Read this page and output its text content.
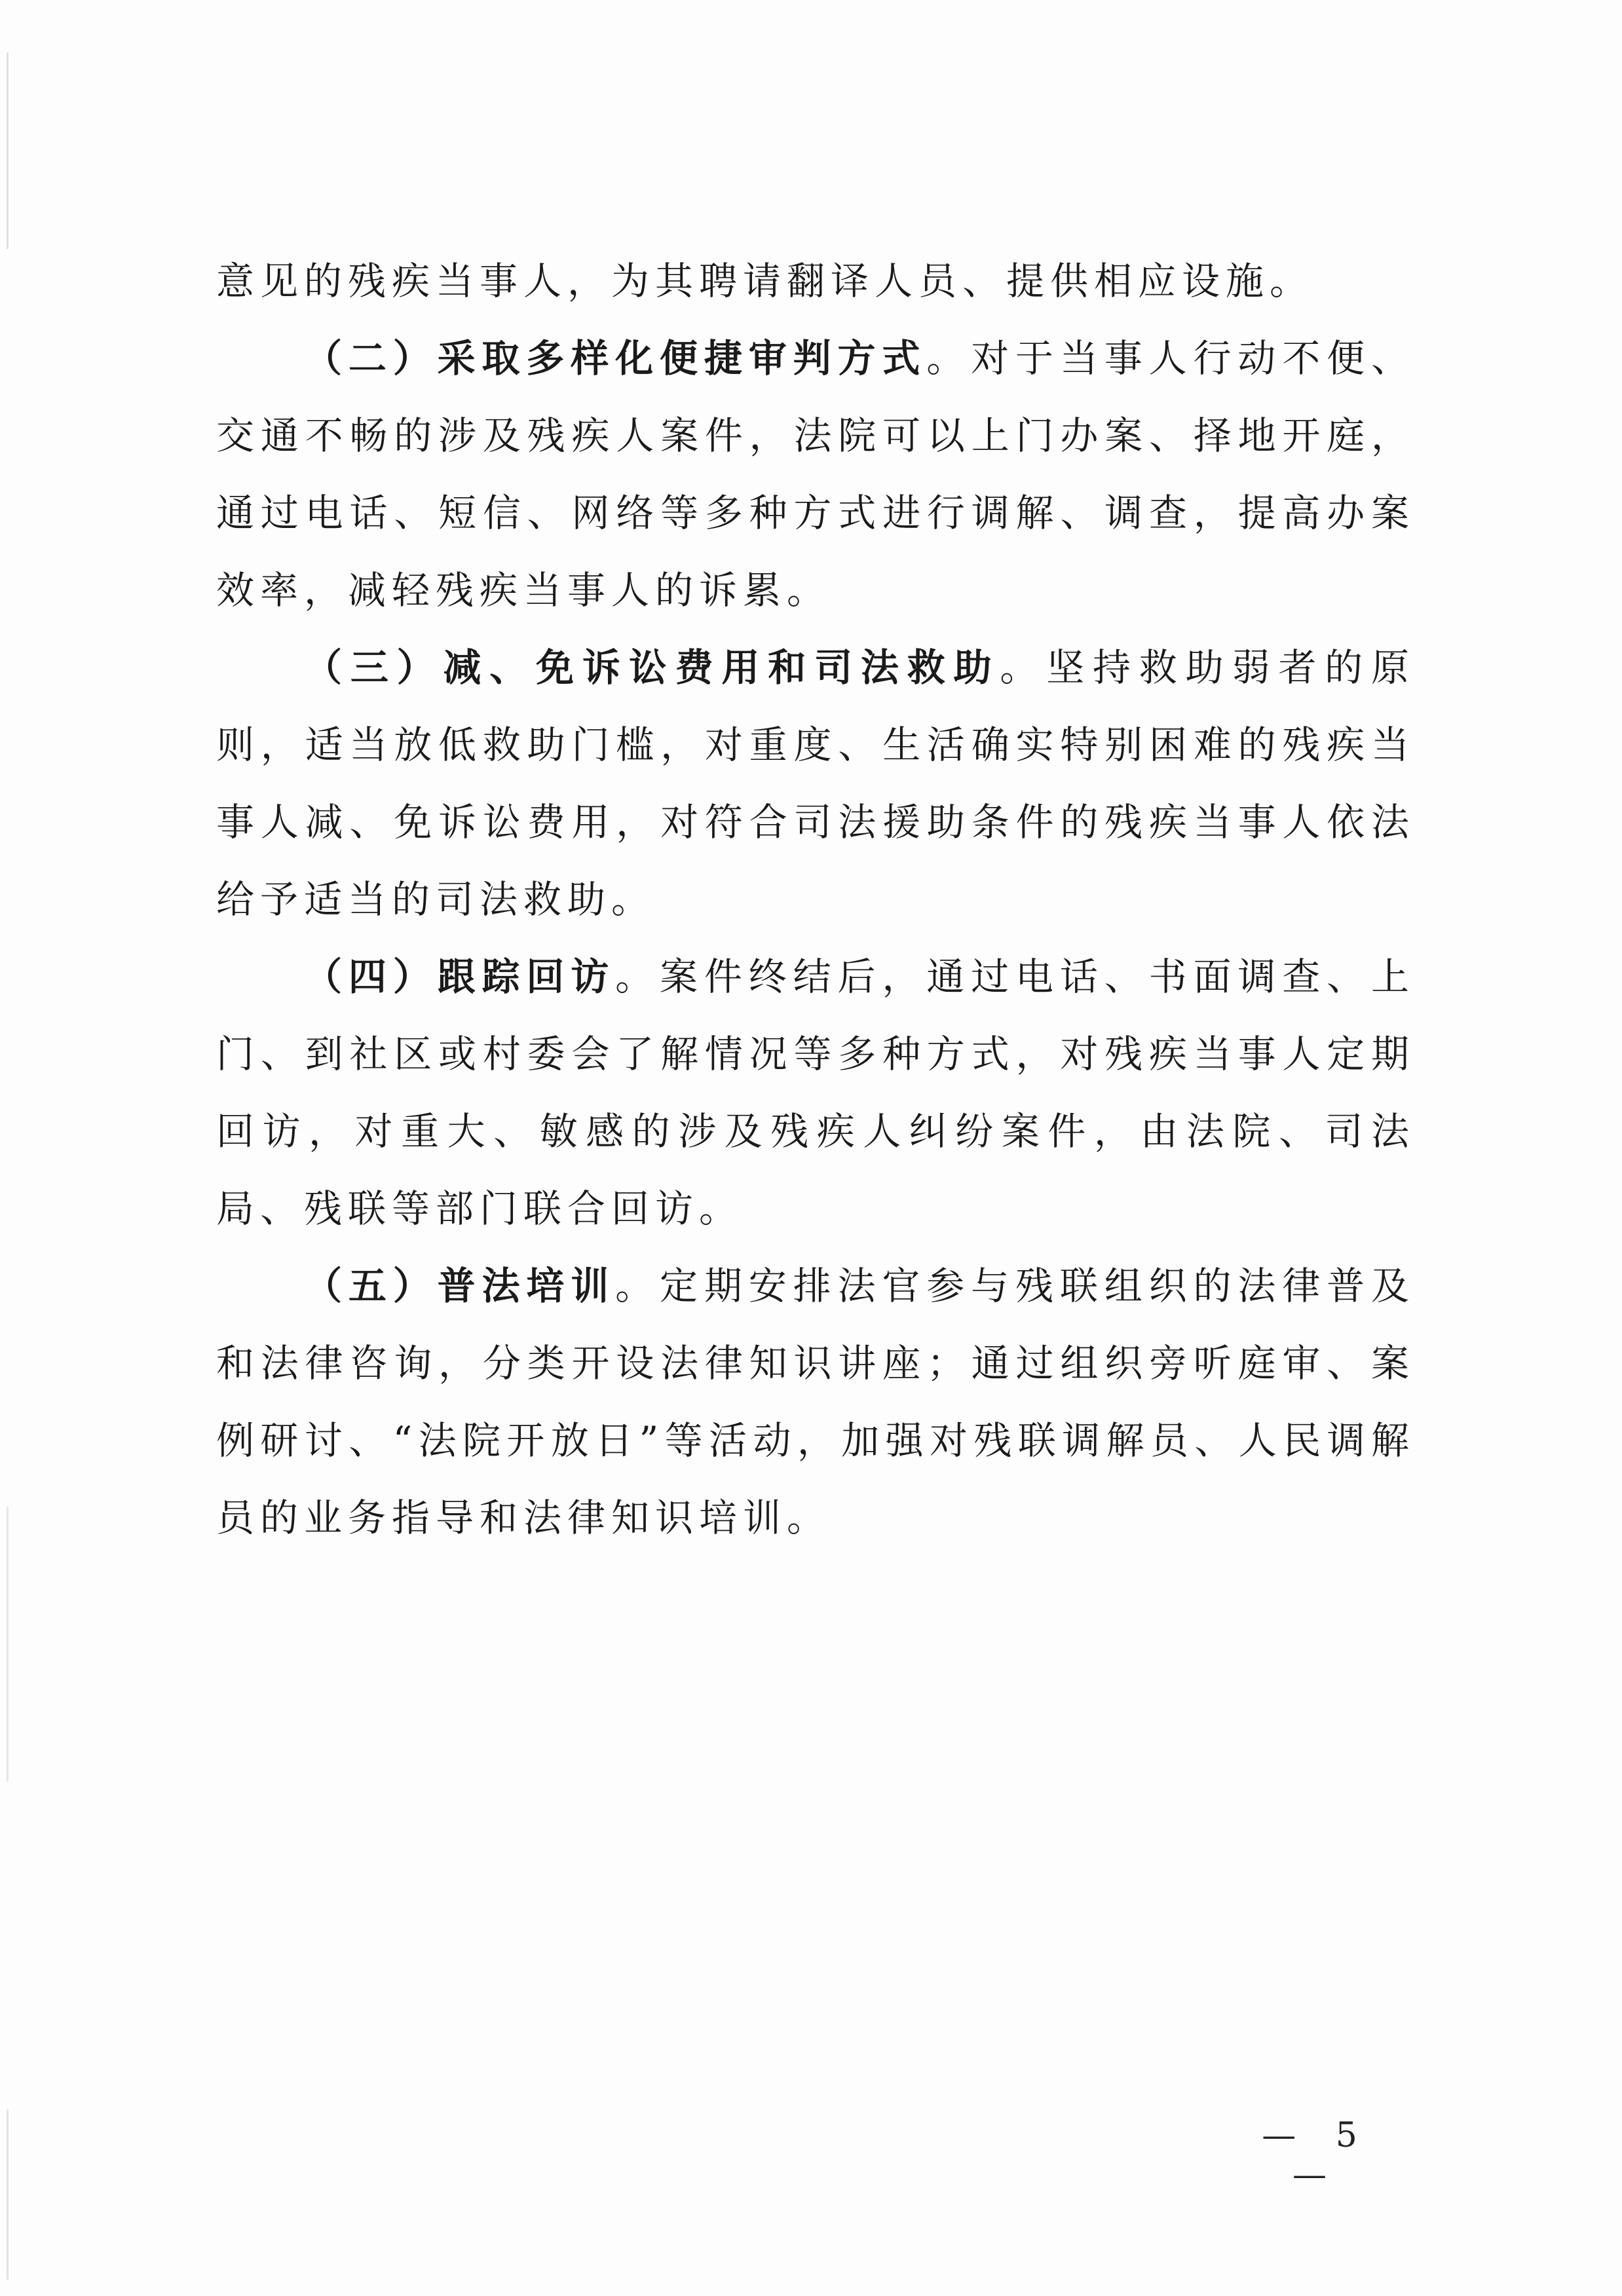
意见的残疾当事人，为其聘请翻译人员、提供相应设施。

（二）采取多样化便捷审判方式。对于当事人行动不便、交通不畅的涉及残疾人案件，法院可以上门办案、择地开庭，通过电话、短信、网络等多种方式进行调解、调查，提高办案效率，减轻残疾当事人的诉累。

（三）减、免诉讼费用和司法救助。坚持救助弱者的原则，适当放低救助门槛，对重度、生活确实特别困难的残疾当事人减、免诉讼费用，对符合司法援助条件的残疾当事人依法给予适当的司法救助。

（四）跟踪回访。案件终结后，通过电话、书面调查、上门、到社区或村委会了解情况等多种方式，对残疾当事人定期回访，对重大、敏感的涉及残疾人纠纷案件，由法院、司法局、残联等部门联合回访。

（五）普法培训。定期安排法官参与残联组织的法律普及和法律咨询，分类开设法律知识讲座；通过组织旁听庭审、案例研讨、“法院开放日”等活动，加强对残联调解员、人民调解员的业务指导和法律知识培训。

— 5 —
